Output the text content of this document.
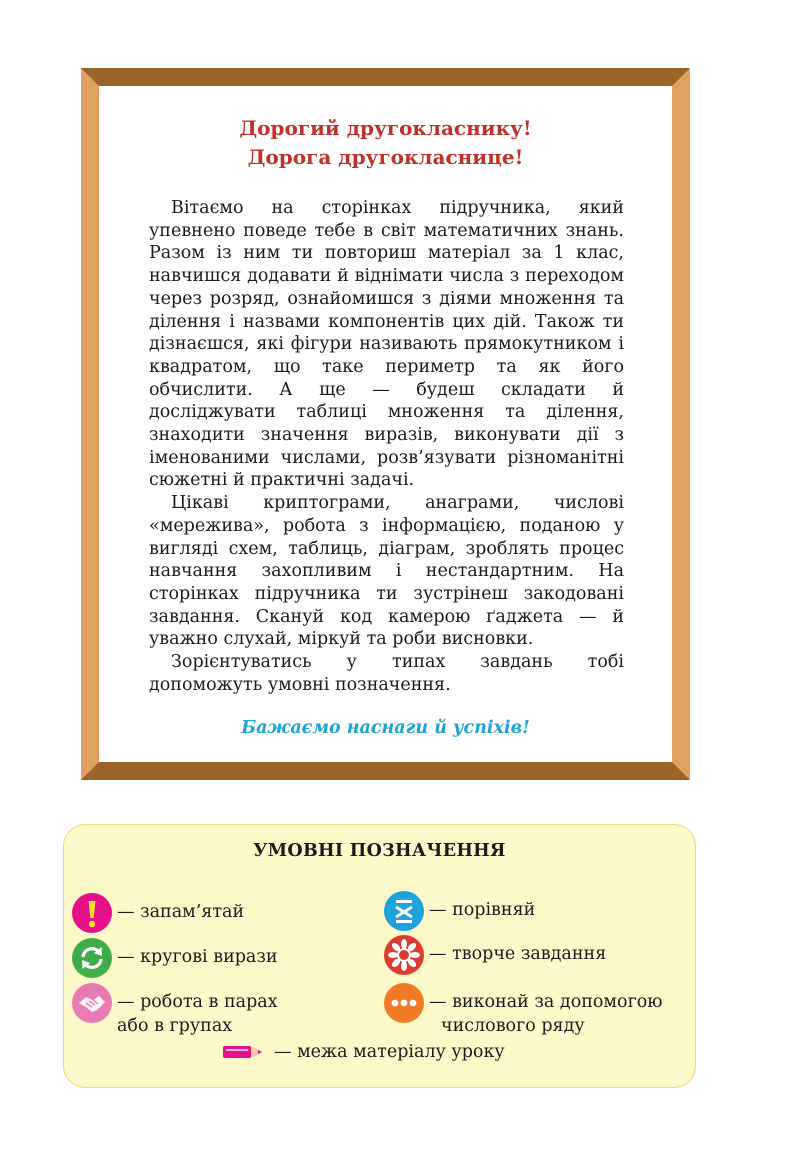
Дорогий другокласнику!
Дорога другокласнице!

Вітаємо на сторінках підручника, який упевнено поведе тебе в світ математичних знань. Разом із ним ти повториш матеріал за 1 клас, навчишся додавати й віднімати числа з переходом через розряд, ознайомишся з діями множення та ділення і назвами компонентів цих дій. Також ти дізнаєшся, які фігури називають прямокутником і квадратом, що таке периметр та як його обчислити. А ще — будеш складати й досліджувати таблиці множення та ділення, знаходити значення виразів, виконувати дії з іменованими числами, розв’язувати різноманітні сюжетні й практичні задачі.

Цікаві криптограми, анаграми, числові «мережива», робота з інформацією, поданою у вигляді схем, таблиць, діаграм, зроблять процес навчання захопливим і нестандартним. На сторінках підручника ти зустрінеш закодовані завдання. Скануй код камерою ґаджета — й уважно слухай, міркуй та роби висновки.

Зорієнтуватись у типах завдань тобі допоможуть умовні позначення.

Бажаємо наснаги й успіхів!
УМОВНІ ПОЗНАЧЕННЯ
— запам’ятай
— кругові вирази
— робота в парах
або в групах
— порівняй
— творче завдання
— виконай за допомогою
числового ряду
— межа матеріалу уроку
